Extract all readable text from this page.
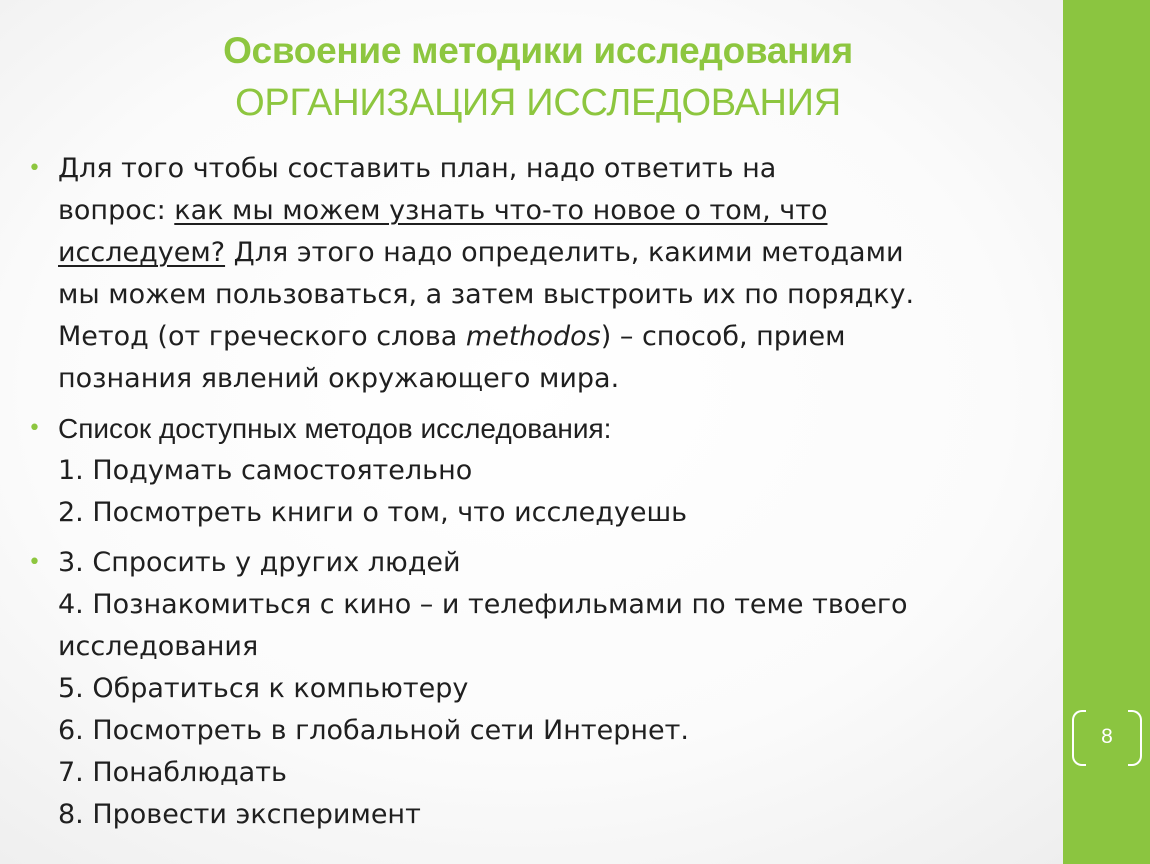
8
Освоение методики исследования
ОРГАНИЗАЦИЯ ИССЛЕДОВАНИЯ
• Для того чтобы составить план, надо ответить на
вопрос: как мы можем узнать что-то новое о том, что
исследуем? Для этого надо определить, какими методами
мы можем пользоваться, а затем выстроить их по порядку.
Метод (от греческого слова methodos) – способ, прием
познания явлений окружающего мира.
• Список доступных методов исследования:
1. Подумать самостоятельно
2. Посмотреть книги о том, что исследуешь
• 3. Спросить у других людей
4. Познакомиться с кино – и телефильмами по теме твоего
исследования
5. Обратиться к компьютеру
6. Посмотреть в глобальной сети Интернет.
7. Понаблюдать
8. Провести эксперимент
